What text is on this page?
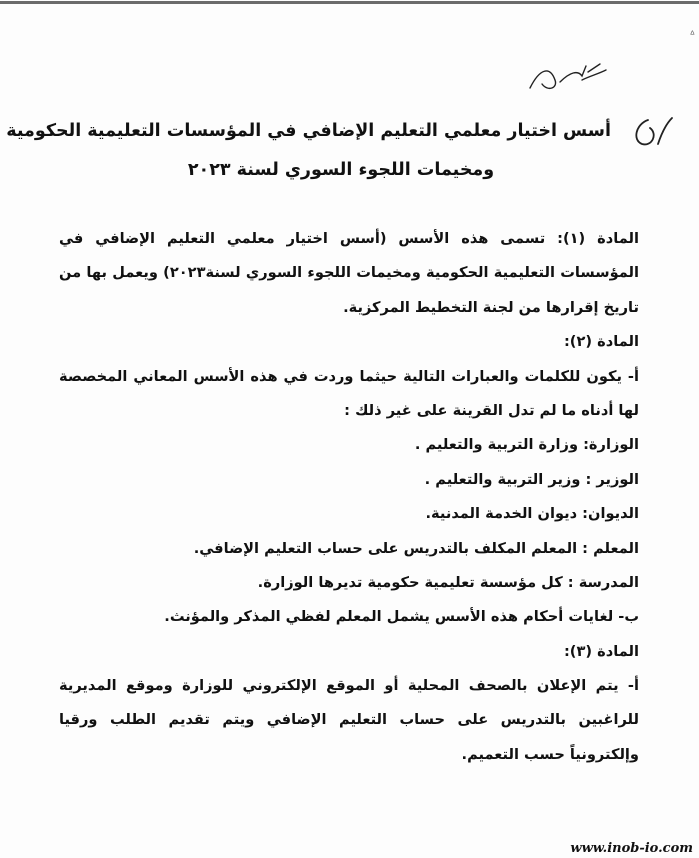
ᐞ
أسس اختيار معلمي التعليم الإضافي في المؤسسات التعليمية الحكومية
ومخيمات اللجوء السوري لسنة ٢٠٢٣
المادة (١): تسمى هذه الأسس (أسس اختيار معلمي التعليم الإضافي في
المؤسسات التعليمية الحكومية ومخيمات اللجوء السوري لسنة٢٠٢٣) ويعمل بها من
تاريخ إقرارها من لجنة التخطيط المركزية.
المادة (٢):
أ- يكون للكلمات والعبارات التالية حيثما وردت في هذه الأسس المعاني المخصصة
لها أدناه ما لم تدل القرينة على غير ذلك :
الوزارة: وزارة التربية والتعليم .
الوزير : وزير التربية والتعليم .
الديوان: ديوان الخدمة المدنية.
المعلم : المعلم المكلف بالتدريس على حساب التعليم الإضافي.
المدرسة : كل مؤسسة تعليمية حكومية تديرها الوزارة.
ب- لغايات أحكام هذه الأسس يشمل المعلم لفظي المذكر والمؤنث.
المادة (٣):
أ- يتم الإعلان بالصحف المحلية أو الموقع الإلكتروني للوزارة وموقع المديرية
للراغبين بالتدريس على حساب التعليم الإضافي ويتم تقديم الطلب ورقيا
وإلكترونياً حسب التعميم.
www.inob-io.com
